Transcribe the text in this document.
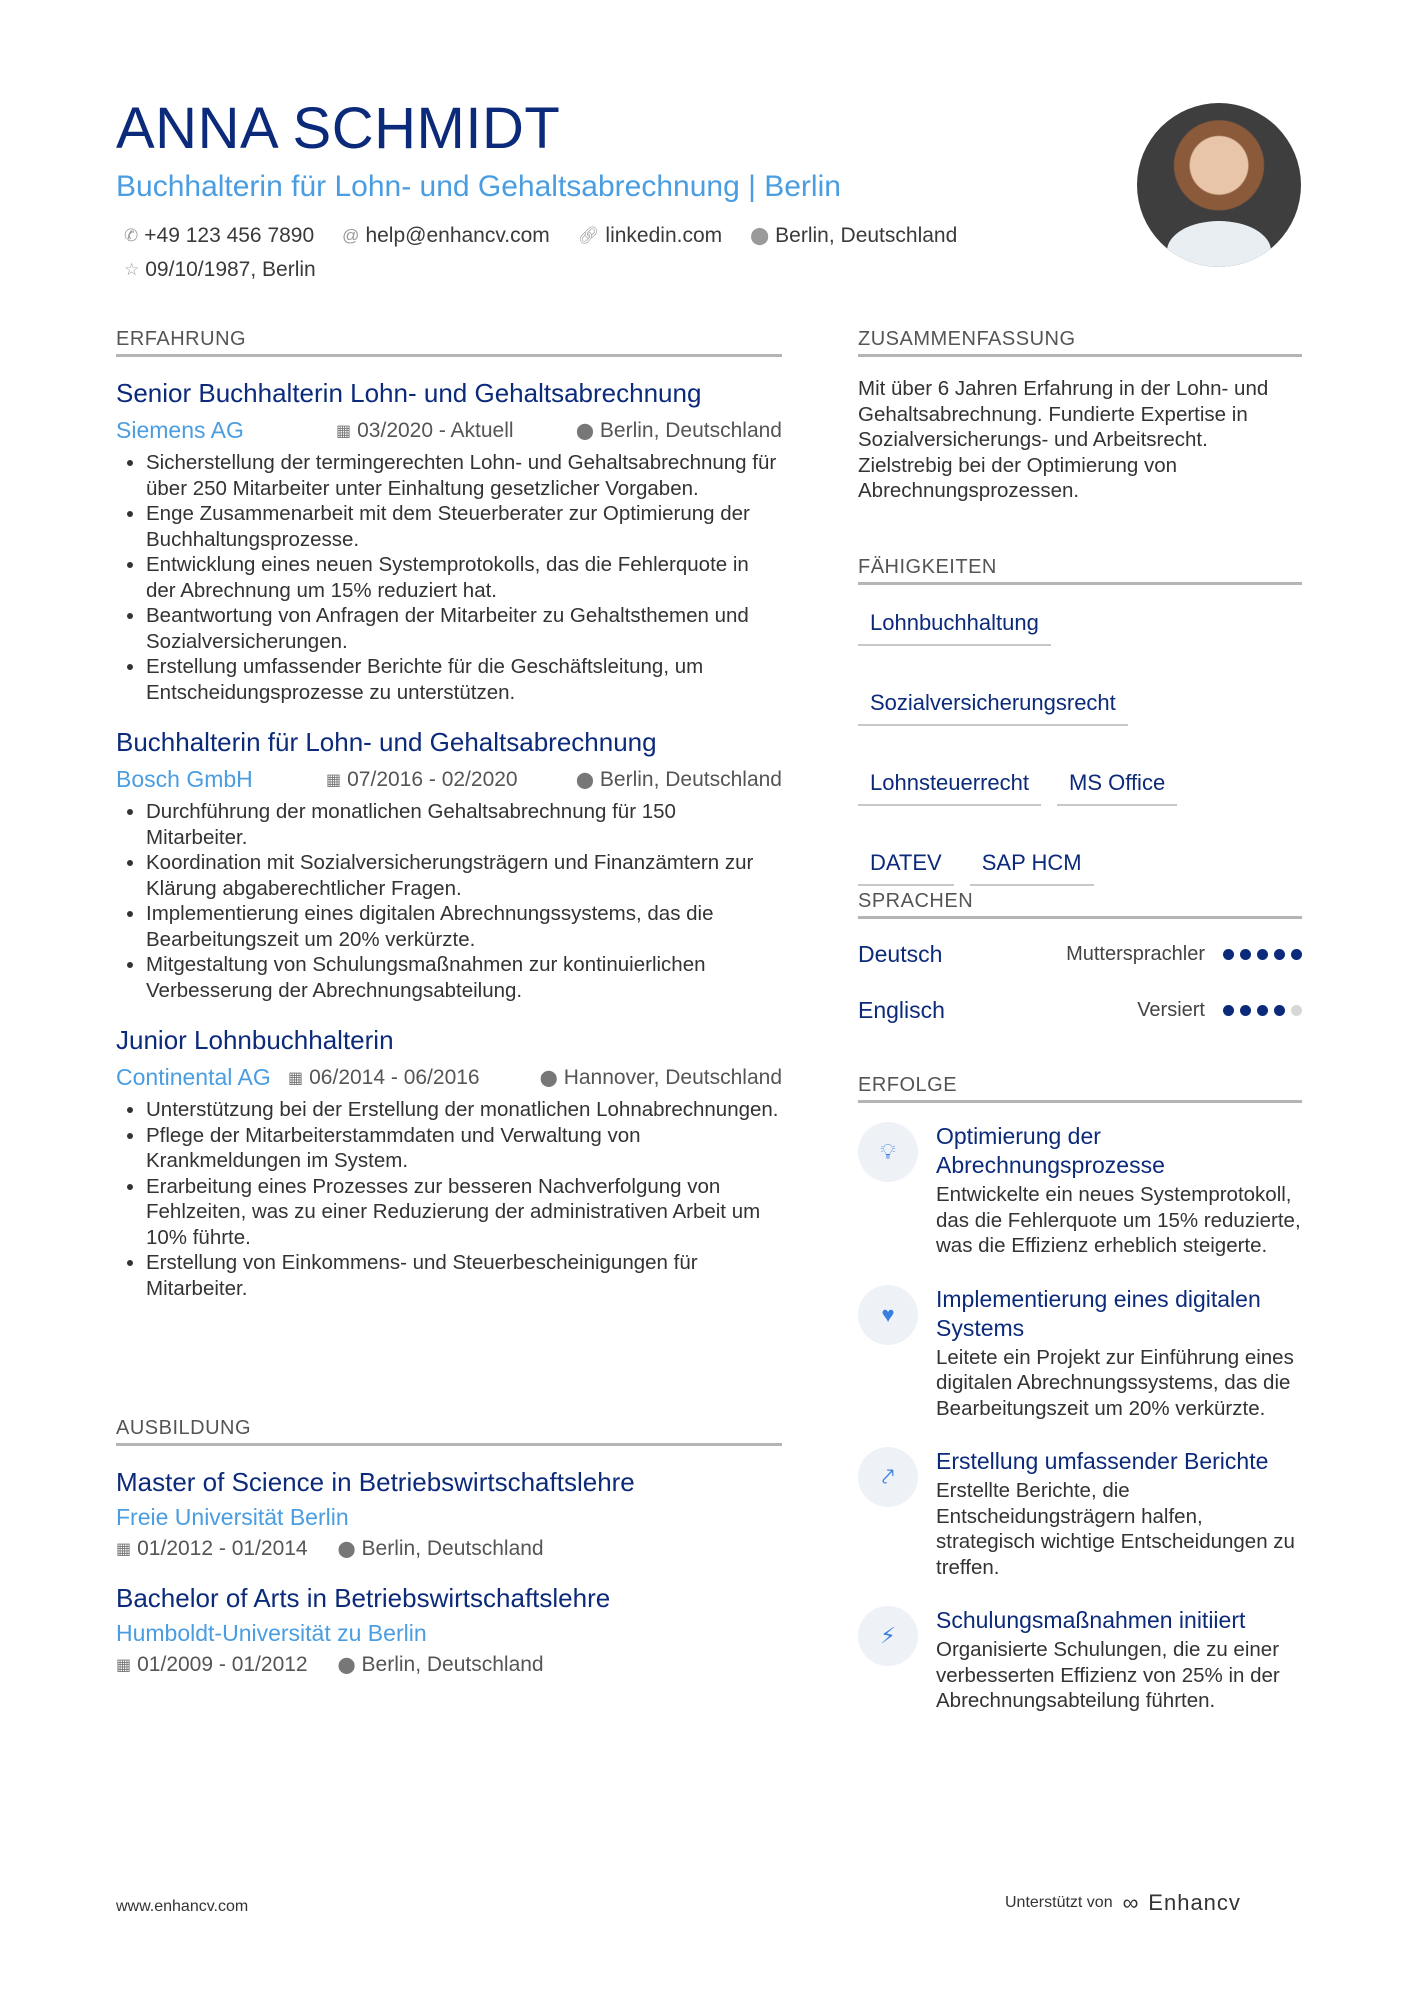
ANNA SCHMIDT
Buchhalterin für Lohn- und Gehaltsabrechnung | Berlin
✆ +49 123 456 7890 @ help@enhancv.com 🔗︎ linkedin.com ⬤ Berlin, Deutschland
☆ 09/10/1987, Berlin
ERFAHRUNG
Senior Buchhalterin Lohn- und Gehaltsabrechnung
Siemens AG	▦ 03/2020 - Aktuell	⬤ Berlin, Deutschland
• Sicherstellung der termingerechten Lohn- und Gehaltsabrechnung für über 250 Mitarbeiter unter Einhaltung gesetzlicher Vorgaben.
• Enge Zusammenarbeit mit dem Steuerberater zur Optimierung der Buchhaltungsprozesse.
• Entwicklung eines neuen Systemprotokolls, das die Fehlerquote in der Abrechnung um 15% reduziert hat.
• Beantwortung von Anfragen der Mitarbeiter zu Gehaltsthemen und Sozialversicherungen.
• Erstellung umfassender Berichte für die Geschäftsleitung, um Entscheidungsprozesse zu unterstützen.
Buchhalterin für Lohn- und Gehaltsabrechnung
Bosch GmbH	▦ 07/2016 - 02/2020	⬤ Berlin, Deutschland
• Durchführung der monatlichen Gehaltsabrechnung für 150 Mitarbeiter.
• Koordination mit Sozialversicherungsträgern und Finanzämtern zur Klärung abgaberechtlicher Fragen.
• Implementierung eines digitalen Abrechnungssystems, das die Bearbeitungszeit um 20% verkürzte.
• Mitgestaltung von Schulungsmaßnahmen zur kontinuierlichen Verbesserung der Abrechnungsabteilung.
Junior Lohnbuchhalterin
Continental AG	▦ 06/2014 - 06/2016	⬤ Hannover, Deutschland
• Unterstützung bei der Erstellung der monatlichen Lohnabrechnungen.
• Pflege der Mitarbeiterstammdaten und Verwaltung von Krankmeldungen im System.
• Erarbeitung eines Prozesses zur besseren Nachverfolgung von Fehlzeiten, was zu einer Reduzierung der administrativen Arbeit um 10% führte.
• Erstellung von Einkommens- und Steuerbescheinigungen für Mitarbeiter.
AUSBILDUNG
Master of Science in Betriebswirtschaftslehre
Freie Universität Berlin
▦ 01/2012 - 01/2014 ⬤ Berlin, Deutschland
Bachelor of Arts in Betriebswirtschaftslehre
Humboldt-Universität zu Berlin
▦ 01/2009 - 01/2012 ⬤ Berlin, Deutschland
ZUSAMMENFASSUNG
Mit über 6 Jahren Erfahrung in der Lohn- und Gehaltsabrechnung. Fundierte Expertise in Sozialversicherungs- und Arbeitsrecht. Zielstrebig bei der Optimierung von Abrechnungsprozessen.
FÄHIGKEITEN
Lohnbuchhaltung
Sozialversicherungsrecht
Lohnsteuerrecht	MS Office
DATEV	SAP HCM
SPRACHEN
Deutsch	Muttersprachler
Englisch	Versiert
ERFOLGE
💡︎
Optimierung der Abrechnungsprozesse
Entwickelte ein neues Systemprotokoll, das die Fehlerquote um 15% reduzierte, was die Effizienz erheblich steigerte.
♥
Implementierung eines digitalen Systems
Leitete ein Projekt zur Einführung eines digitalen Abrechnungssystems, das die Bearbeitungszeit um 20% verkürzte.
⤤
Erstellung umfassender Berichte
Erstellte Berichte, die Entscheidungsträgern halfen, strategisch wichtige Entscheidungen zu treffen.
⚡︎
Schulungsmaßnahmen initiiert
Organisierte Schulungen, die zu einer verbesserten Effizienz von 25% in der Abrechnungsabteilung führten.
www.enhancv.com	Unterstützt von ∞ Enhancv
